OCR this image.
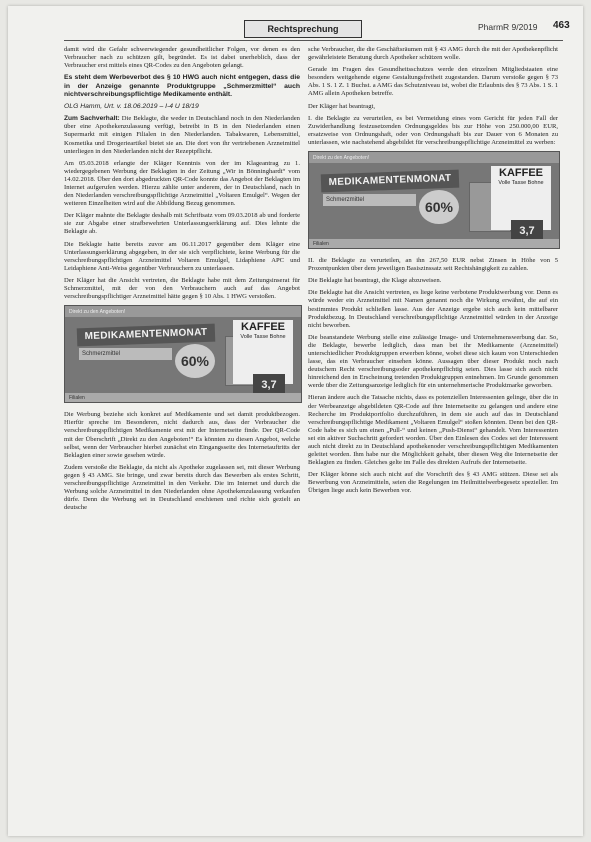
Rechtsprechung	PharmR 9/2019 463

damit wird die Gefahr schwerwiegender gesundheitlicher Folgen, vor denen es den Verbraucher nach zu schützen gilt, begründet. Es ist dabei unerheblich, dass der Verbraucher erst mittels eines QR-Codes zu den Angeboten gelangt.

Es steht dem Werbeverbot des § 10 HWG auch nicht entgegen, dass die in der Anzeige genannte Produktgruppe „Schmerzmittel“ auch nichtverschreibungspflichtige Medikamente enthält.

OLG Hamm, Urt. v. 18.06.2019 – I-4 U 18/19

Zum Sachverhalt: Die Beklagte, die weder in Deutschland noch in den Niederlanden über eine Apothekenzulassung verfügt, betreibt in B in den Niederlanden einen Supermarkt mit einigen Filialen in den Niederlanden. Tabakwaren, Lebensmittel, Kosmetika und Drogerieartikel bietet sie an. Die dort von ihr vertriebenen Arzneimittel unterliegen in den Niederlanden nicht der Rezeptpflicht.

Am 05.03.2018 erlangte der Kläger Kenntnis von der im Klageantrag zu 1. wiedergegebenen Werbung der Beklagten in der Zeitung „Wir in Bönninghardt“ vom 14.02.2018. Über den dort abgedruckten QR-Code konnte das Angebot der Beklagten im Internet aufgerufen werden. Hierzu zählte unter anderem, der in Deutschland, nach in den Niederlanden verschreibungspflichtige Arzneimittel „Voltaren Emulgel“. Wegen der weiteren Einzelheiten wird auf die Abbildung Bezug genommen.

Der Kläger mahnte die Beklagte deshalb mit Schriftsatz vom 09.03.2018 ab und forderte sie zur Abgabe einer strafbewehrten Unterlassungserklärung auf. Dies lehnte die Beklagte ab.

Die Beklagte hatte bereits zuvor am 06.11.2017 gegenüber dem Kläger eine Unterlassungserklärung abgegeben, in der sie sich verpflichtete, keine Werbung für die verschreibungspflichtigen Arzneimittel Voltaren Emulgel, Lidaphiene APC und Leidaphiene Anti-Weiss gegenüber Verbrauchern zu unterlassen.

Der Kläger hat die Ansicht vertreten, die Beklagte habe mit dem Zeitungsinserat für Schmerzmittel, mit der von den Verbrauchern auch auf das Angebot verschreibungspflichtiger Arzneimittel hätte gegen § 10 Abs. 1 HWG verstoßen.

Direkt zu den Angeboten!
MEDIKAMENTENMONAT
Schmerzmittel	60%
KAFFEE
Volle Tasse Bohne
3,7
Filialen

Die Werbung beziehe sich konkret auf Medikamente und sei damit produktbezogen. Hierfür spreche im Besonderen, nicht dadurch aus, dass der Verbraucher die verschreibungspflichtigen Medikamente erst mit der Internetseite finde. Der QR-Code mit der Überschrift „Direkt zu den Angeboten!“ Es könnten zu diesen Angebot, welche selbst, wenn der Verbraucher hierbei zunächst ein Eingangsseite des Internetauftritts der Beklagten einer sowie gesehen würde.

Zudem verstoße die Beklagte, da nicht als Apotheke zugelassen sei, mit dieser Werbung gegen § 43 AMG. Sie bringe, und zwar bereits durch das Bewerben als erstes Schritt, verschreibungspflichtige Arzneimittel in den Verkehr. Die im Internet und durch die Werbung solche Arzneimittel in den Niederlanden ohne Apothekenzulassung verkaufen dürfe. Denn die Werbung sei in Deutschland erschienen und richte sich gezielt an deutsche

sche Verbraucher, die die Geschäftsräumen mit § 43 AMG durch die mit der Apothekenpflicht gewährleistete Beratung durch Apotheker schützen wolle.

Gerade im Fragen des Gesundheitsschutzes werde den einzelnen Mitgliedstaaten eine besonders weitgehende eigene Gestaltungsfreiheit zugestanden. Darum verstoße gegen § 73 Abs. 1 S. 1 Z. 1 Buchst. a AMG das Schutzniveau ist, wobei die Erlaubnis des § 73 Abs. 1 S. 1 AMG allein Apotheken betreffe.

Der Kläger hat beantragt,

I. die Beklagte zu verurteilen, es bei Vermeidung eines vom Gericht für jeden Fall der Zuwiderhandlung festzusetzenden Ordnungsgeldes bis zur Höhe von 250.000,00 EUR, ersatzweise von Ordnungshaft, oder von Ordnungshaft bis zur Dauer von 6 Monaten zu unterlassen, wie nachstehend abgebildet für verschreibungspflichtige Arzneimittel zu werben:

Direkt zu den Angeboten!
MEDIKAMENTENMONAT
Schmerzmittel	60%
KAFFEE
Volle Tasse Bohne
3,7
Filialen

II. die Beklagte zu verurteilen, an ihn 267,50 EUR nebst Zinsen in Höhe von 5 Prozentpunkten über dem jeweiligen Basiszinssatz seit Rechtshängigkeit zu zahlen.

Die Beklagte hat beantragt, die Klage abzuweisen.

Die Beklagte hat die Ansicht vertreten, es liege keine verbotene Produktwerbung vor. Denn es würde weder ein Arzneimittel mit Namen genannt noch die Wirkung erwähnt, die auf ein bestimmtes Produkt schließen lasse. Aus der Anzeige ergebe sich auch kein mittelbarer Produktbezug. In Deutschland verschreibungspflichtige Arzneimittel würden in der Anzeige nicht beworben.

Die beanstandete Werbung stelle eine zulässige Image- und Unternehmenswerbung dar. So, die Beklagte, bewerbe lediglich, dass man bei ihr Medikamente (Arzneimittel) unterschiedlicher Produktgruppen erwerben könne, wobei diese sich kaum von Unterschieden lasse, das ein Verbraucher einsehen könne. Aussagen über dieser Produkt noch nach deutschem Recht verschreibungsoder apothekenpflichtig seien. Dies lasse sich auch nicht hinreichend den in Erscheinung tretenden Produktgruppen entnehmen. Im Grunde genommen werde über die Zeitungsanzeige lediglich für ein unternehmerische Produktmarke geworben.

Hieran ändere auch die Tatsache nichts, dass es potenziellen Interessenten gelinge, über die in der Werbeanzeige abgebildeten QR-Code auf ihre Internetseite zu gelangen und andere eine Recherche im Produktportfolio durchzuführen, in dem sie auch auf das in Deutschland verschreibungspflichtige Medikament „Voltaren Emulgel“ stoßen könnten. Denn bei den QR-Code habe es sich um einen „Pull-“ und keinen „Push-Dienst“ gehandelt. Vom Interessenten sei ein aktiver Suchschritt gefordert worden. Über den Einlesen des Codes sei der Interessent auch nicht direkt zu in Deutschland apothekenoder verschreibungspflichtigen Medikamenten geleitet worden. Ihm habe nur die Möglichkeit gehabt, über diesen Weg die Internetseite der Beklagten zu finden. Gleiches gelte im Falle des direkten Aufrufs der Internetseite.

Der Kläger könne sich auch nicht auf die Vorschrift des § 43 AMG stützen. Diese sei als Bewerbung von Arzneimitteln, seien die Regelungen im Heilmittelwerbegesetz spezieller. Im Übrigen liege auch kein Bewerben vor.
